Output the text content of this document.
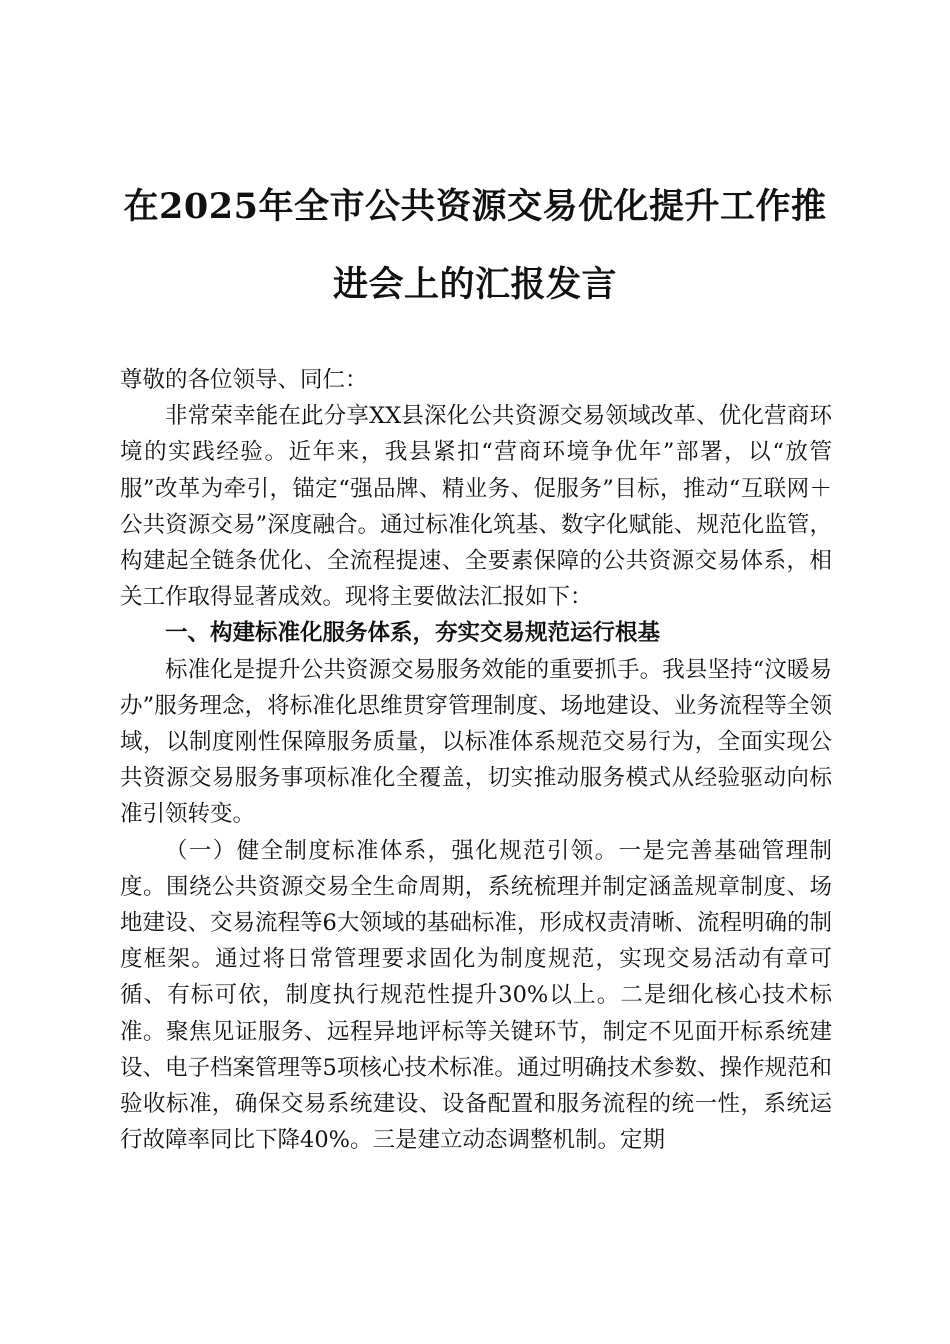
在2025年全市公共资源交易优化提升工作推
进会上的汇报发言

尊敬的各位领导、同仁：

非常荣幸能在此分享XX县深化公共资源交易领域改革、优化营商环境的实践经验。近年来，我县紧扣“营商环境争优年”部署，以“放管服”改革为牵引，锚定“强品牌、精业务、促服务”目标，推动“互联网＋公共资源交易”深度融合。通过标准化筑基、数字化赋能、规范化监管，构建起全链条优化、全流程提速、全要素保障的公共资源交易体系，相关工作取得显著成效。现将主要做法汇报如下：

一、构建标准化服务体系，夯实交易规范运行根基

标准化是提升公共资源交易服务效能的重要抓手。我县坚持“汶暖易办”服务理念，将标准化思维贯穿管理制度、场地建设、业务流程等全领域，以制度刚性保障服务质量，以标准体系规范交易行为，全面实现公共资源交易服务事项标准化全覆盖，切实推动服务模式从经验驱动向标准引领转变。

（一）健全制度标准体系，强化规范引领。一是完善基础管理制度。围绕公共资源交易全生命周期，系统梳理并制定涵盖规章制度、场地建设、交易流程等6大领域的基础标准，形成权责清晰、流程明确的制度框架。通过将日常管理要求固化为制度规范，实现交易活动有章可循、有标可依，制度执行规范性提升30%以上。二是细化核心技术标准。聚焦见证服务、远程异地评标等关键环节，制定不见面开标系统建设、电子档案管理等5项核心技术标准。通过明确技术参数、操作规范和验收标准，确保交易系统建设、设备配置和服务流程的统一性，系统运行故障率同比下降40%。三是建立动态调整机制。定期
